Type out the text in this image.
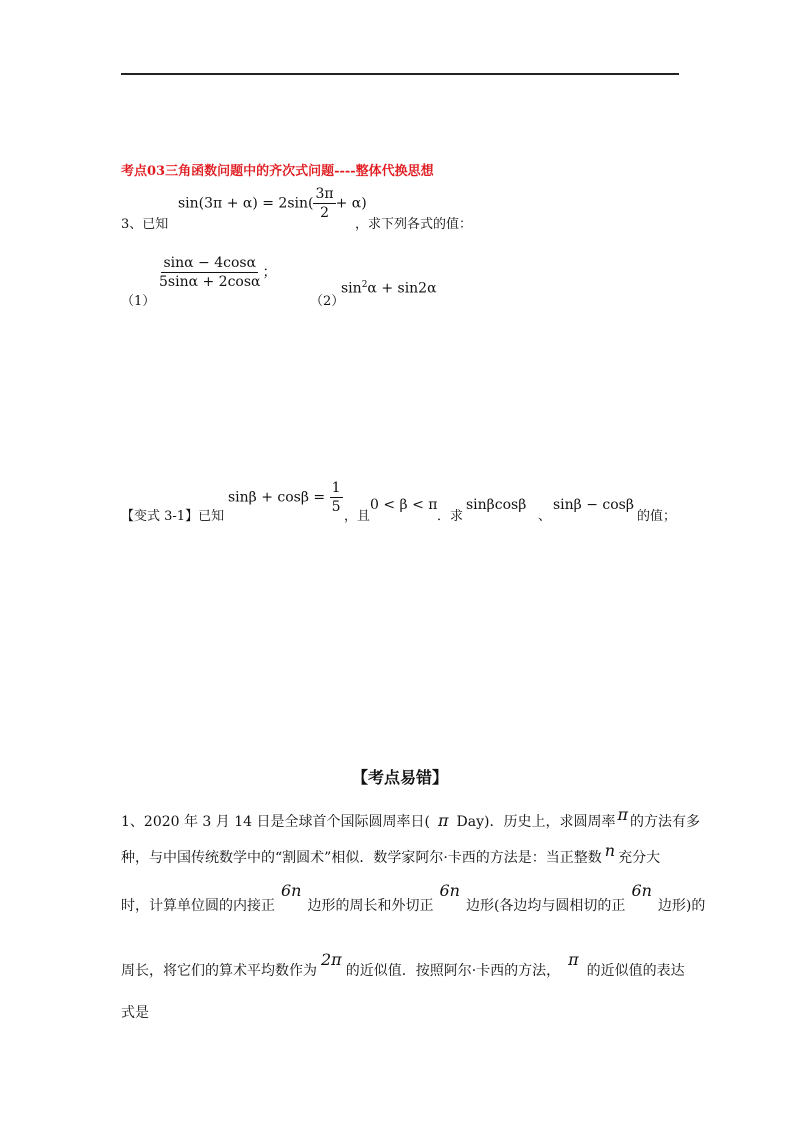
考点03三角函数问题中的齐次式问题----整体代换思想
3、已知
$\sin(3\pi + \alpha) = 2\sin( \frac{3\pi}{2} + \alpha)$
，求下列各式的值：
（1）
$\frac{\sin\alpha - 4\cos\alpha}{5\sin\alpha + 2\cos\alpha}$ ；
（2）
$\sin^2\alpha + \sin 2\alpha$
【变式 3-1】已知
$\sin\beta + \cos\beta = \frac{1}{5}$
，且
0 < β < π
．求
sinβcosβ
、
sinβ − cosβ
的值；
【考点易错】
1、2020 年 3 月 14 日是全球首个国际圆周率日( π Day)．历史上，求圆周率 π 的方法有多
种，与中国传统数学中的“割圆术”相似．数学家阿尔·卡西的方法是：当正整数 n 充分大
时，计算单位圆的内接正6n边形的周长和外切正6n边形(各边均与圆相切的正6n边形)的
周长，将它们的算术平均数作为2π的近似值．按照阿尔·卡西的方法，π的近似值的表达
式是
